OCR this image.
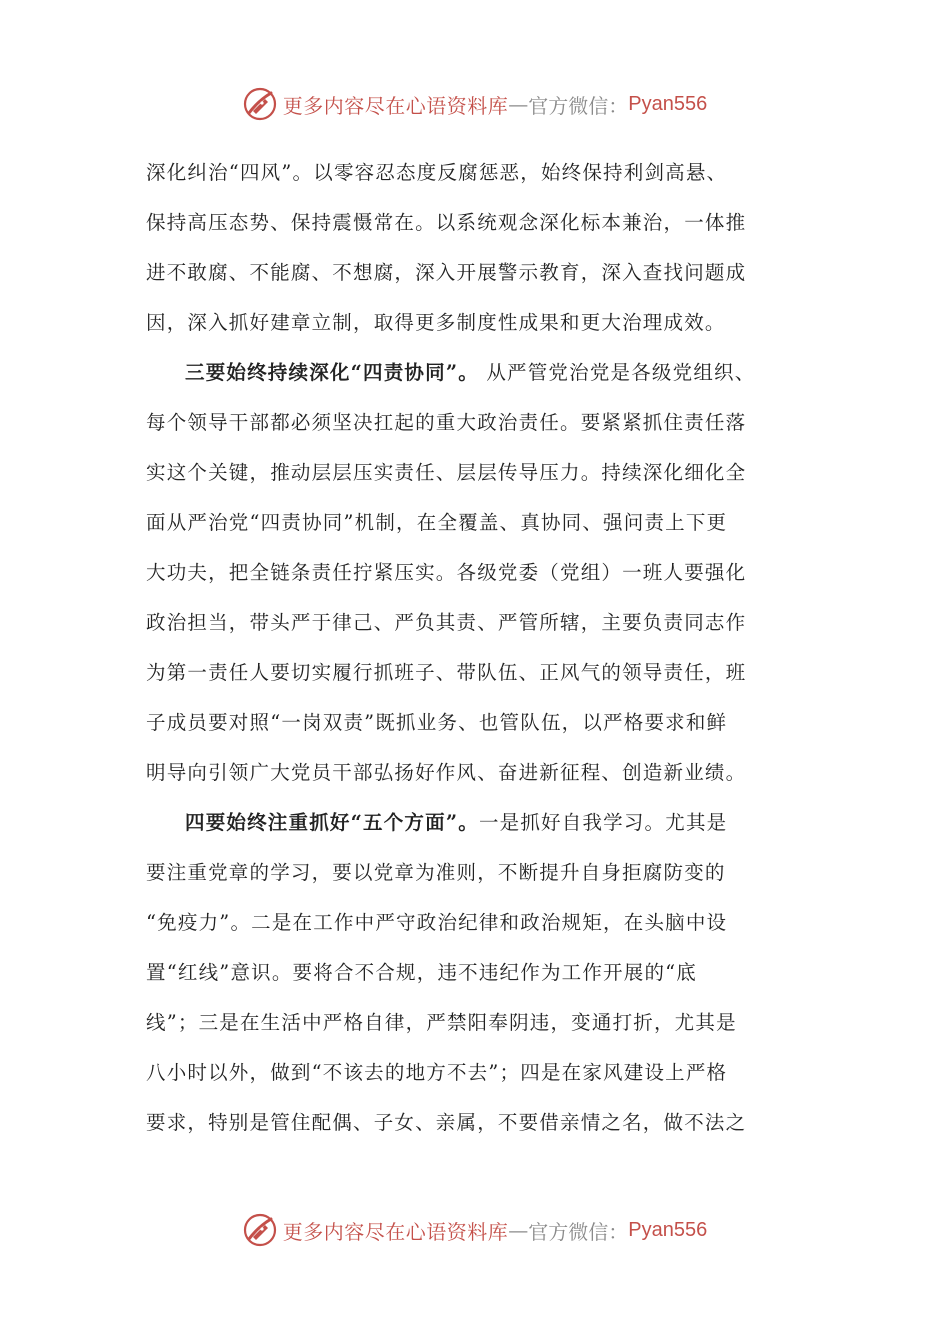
更多内容尽在心语资料库 — 官方微信： Pyan556
深化纠治“四风”。以零容忍态度反腐惩恶，始终保持利剑高悬、
保持高压态势、保持震慑常在。以系统观念深化标本兼治，一体推
进不敢腐、不能腐、不想腐，深入开展警示教育，深入查找问题成
因，深入抓好建章立制，取得更多制度性成果和更大治理成效。
三要始终持续深化“四责协同”。 从严管党治党是各级党组织、
每个领导干部都必须坚决扛起的重大政治责任。要紧紧抓住责任落
实这个关键，推动层层压实责任、层层传导压力。持续深化细化全
面从严治党“四责协同”机制，在全覆盖、真协同、强问责上下更
大功夫，把全链条责任拧紧压实。各级党委（党组）一班人要强化
政治担当，带头严于律己、严负其责、严管所辖，主要负责同志作
为第一责任人要切实履行抓班子、带队伍、正风气的领导责任，班
子成员要对照“一岗双责”既抓业务、也管队伍，以严格要求和鲜
明导向引领广大党员干部弘扬好作风、奋进新征程、创造新业绩。
四要始终注重抓好“五个方面”。一是抓好自我学习。尤其是
要注重党章的学习，要以党章为准则，不断提升自身拒腐防变的
“免疫力”。二是在工作中严守政治纪律和政治规矩，在头脑中设
置“红线”意识。要将合不合规，违不违纪作为工作开展的“底
线”；三是在生活中严格自律，严禁阳奉阴违，变通打折，尤其是
八小时以外，做到“不该去的地方不去”；四是在家风建设上严格
要求，特别是管住配偶、子女、亲属，不要借亲情之名，做不法之
更多内容尽在心语资料库 — 官方微信： Pyan556
